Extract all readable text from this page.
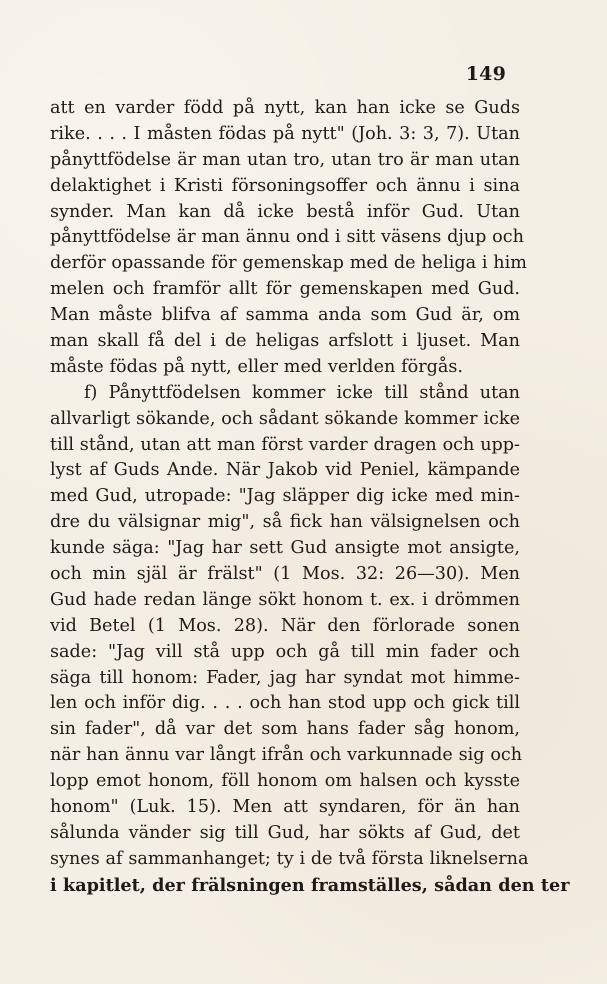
149
att en varder född på nytt, kan han icke se Guds
rike. . . . I måsten födas på nytt" (Joh. 3: 3, 7). Utan
pånyttfödelse är man utan tro, utan tro är man utan
delaktighet i Kristi försoningsoffer och ännu i sina
synder. Man kan då icke bestå inför Gud. Utan
pånyttfödelse är man ännu ond i sitt väsens djup och
derför opassande för gemenskap med de heliga i him
melen och framför allt för gemenskapen med Gud.
Man måste blifva af samma anda som Gud är, om
man skall få del i de heligas arfslott i ljuset. Man
måste födas på nytt, eller med verlden förgås.
f) Pånyttfödelsen kommer icke till stånd utan
allvarligt sökande, och sådant sökande kommer icke
till stånd, utan att man först varder dragen och upp-
lyst af Guds Ande. När Jakob vid Peniel, kämpande
med Gud, utropade: "Jag släpper dig icke med min-
dre du välsignar mig", så fick han välsignelsen och
kunde säga: "Jag har sett Gud ansigte mot ansigte,
och min själ är frälst" (1 Mos. 32: 26—30). Men
Gud hade redan länge sökt honom t. ex. i drömmen
vid Betel (1 Mos. 28). När den förlorade sonen
sade: "Jag vill stå upp och gå till min fader och
säga till honom: Fader, jag har syndat mot himme-
len och inför dig. . . . och han stod upp och gick till
sin fader", då var det som hans fader såg honom,
när han ännu var långt ifrån och varkunnade sig och
lopp emot honom, föll honom om halsen och kysste
honom" (Luk. 15). Men att syndaren, för än han
sålunda vänder sig till Gud, har sökts af Gud, det
synes af sammanhanget; ty i de två första liknelserna
i kapitlet, der frälsningen framställes, sådan den ter
